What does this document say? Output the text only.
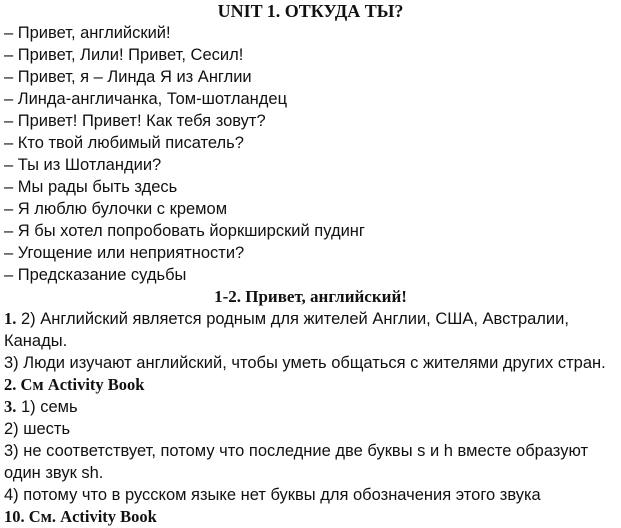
UNIT 1. ОТКУДА ТЫ?
– Привет, английский!
– Привет, Лили! Привет, Сесил!
– Привет, я – Линда Я из Англии
– Линда-англичанка, Том-шотландец
– Привет! Привет! Как тебя зовут?
– Кто твой любимый писатель?
– Ты из Шотландии?
– Мы рады быть здесь
– Я люблю булочки с кремом
– Я бы хотел попробовать йоркширский пудинг
– Угощение или неприятности?
– Предсказание судьбы
1-2. Привет, английский!
1. 2) Английский является родным для жителей Англии, США, Австралии, Канады.
3) Люди изучают английский, чтобы уметь общаться с жителями других стран.
2. См Activity Book
3. 1) семь
2) шесть
3) не соответствует, потому что последние две буквы s и h вместе образуют один звук sh.
4) потому что в русском языке нет буквы для обозначения этого звука
10. См. Activity Book
